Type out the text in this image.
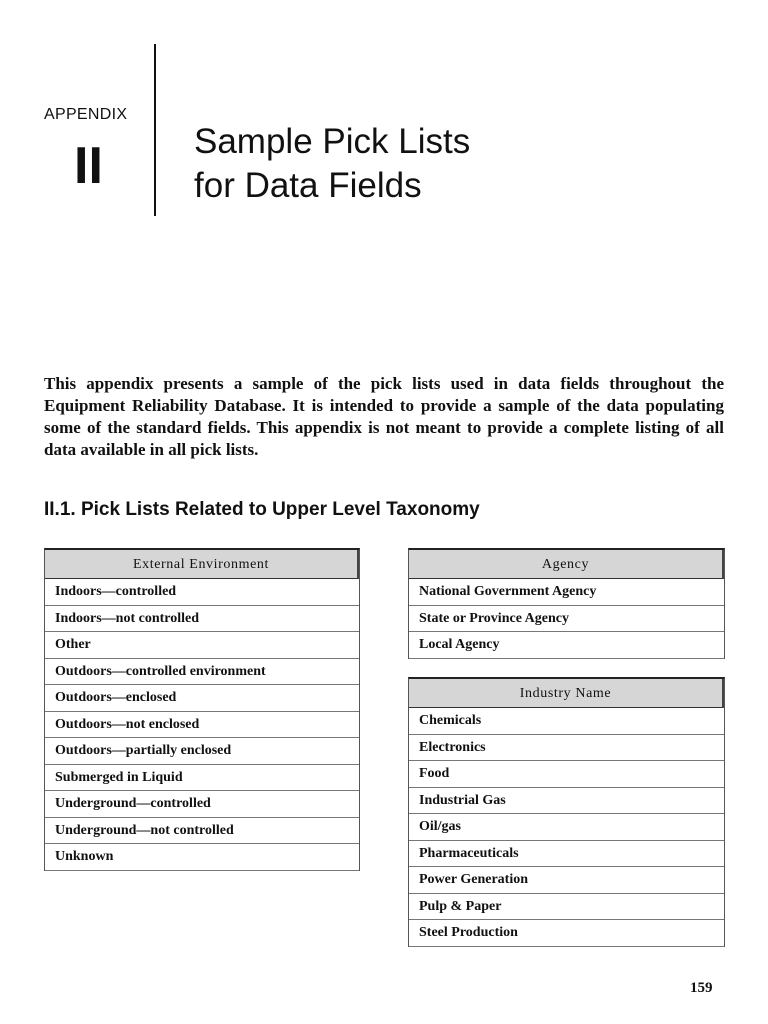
APPENDIX
II	Sample Pick Lists
for Data Fields

This appendix presents a sample of the pick lists used in data fields throughout the Equipment Reliability Database. It is intended to provide a sample of the data populating some of the standard fields. This appendix is not meant to provide a complete listing of all data available in all pick lists.

II.1. Pick Lists Related to Upper Level Taxonomy
External Environment
Indoors—controlled
Indoors—not controlled
Other
Outdoors—controlled environment
Outdoors—enclosed
Outdoors—not enclosed
Outdoors—partially enclosed
Submerged in Liquid
Underground—controlled
Underground—not controlled
Unknown
Agency
National Government Agency
State or Province Agency
Local Agency
Industry Name
Chemicals
Electronics
Food
Industrial Gas
Oil/gas
Pharmaceuticals
Power Generation
Pulp & Paper
Steel Production
159
